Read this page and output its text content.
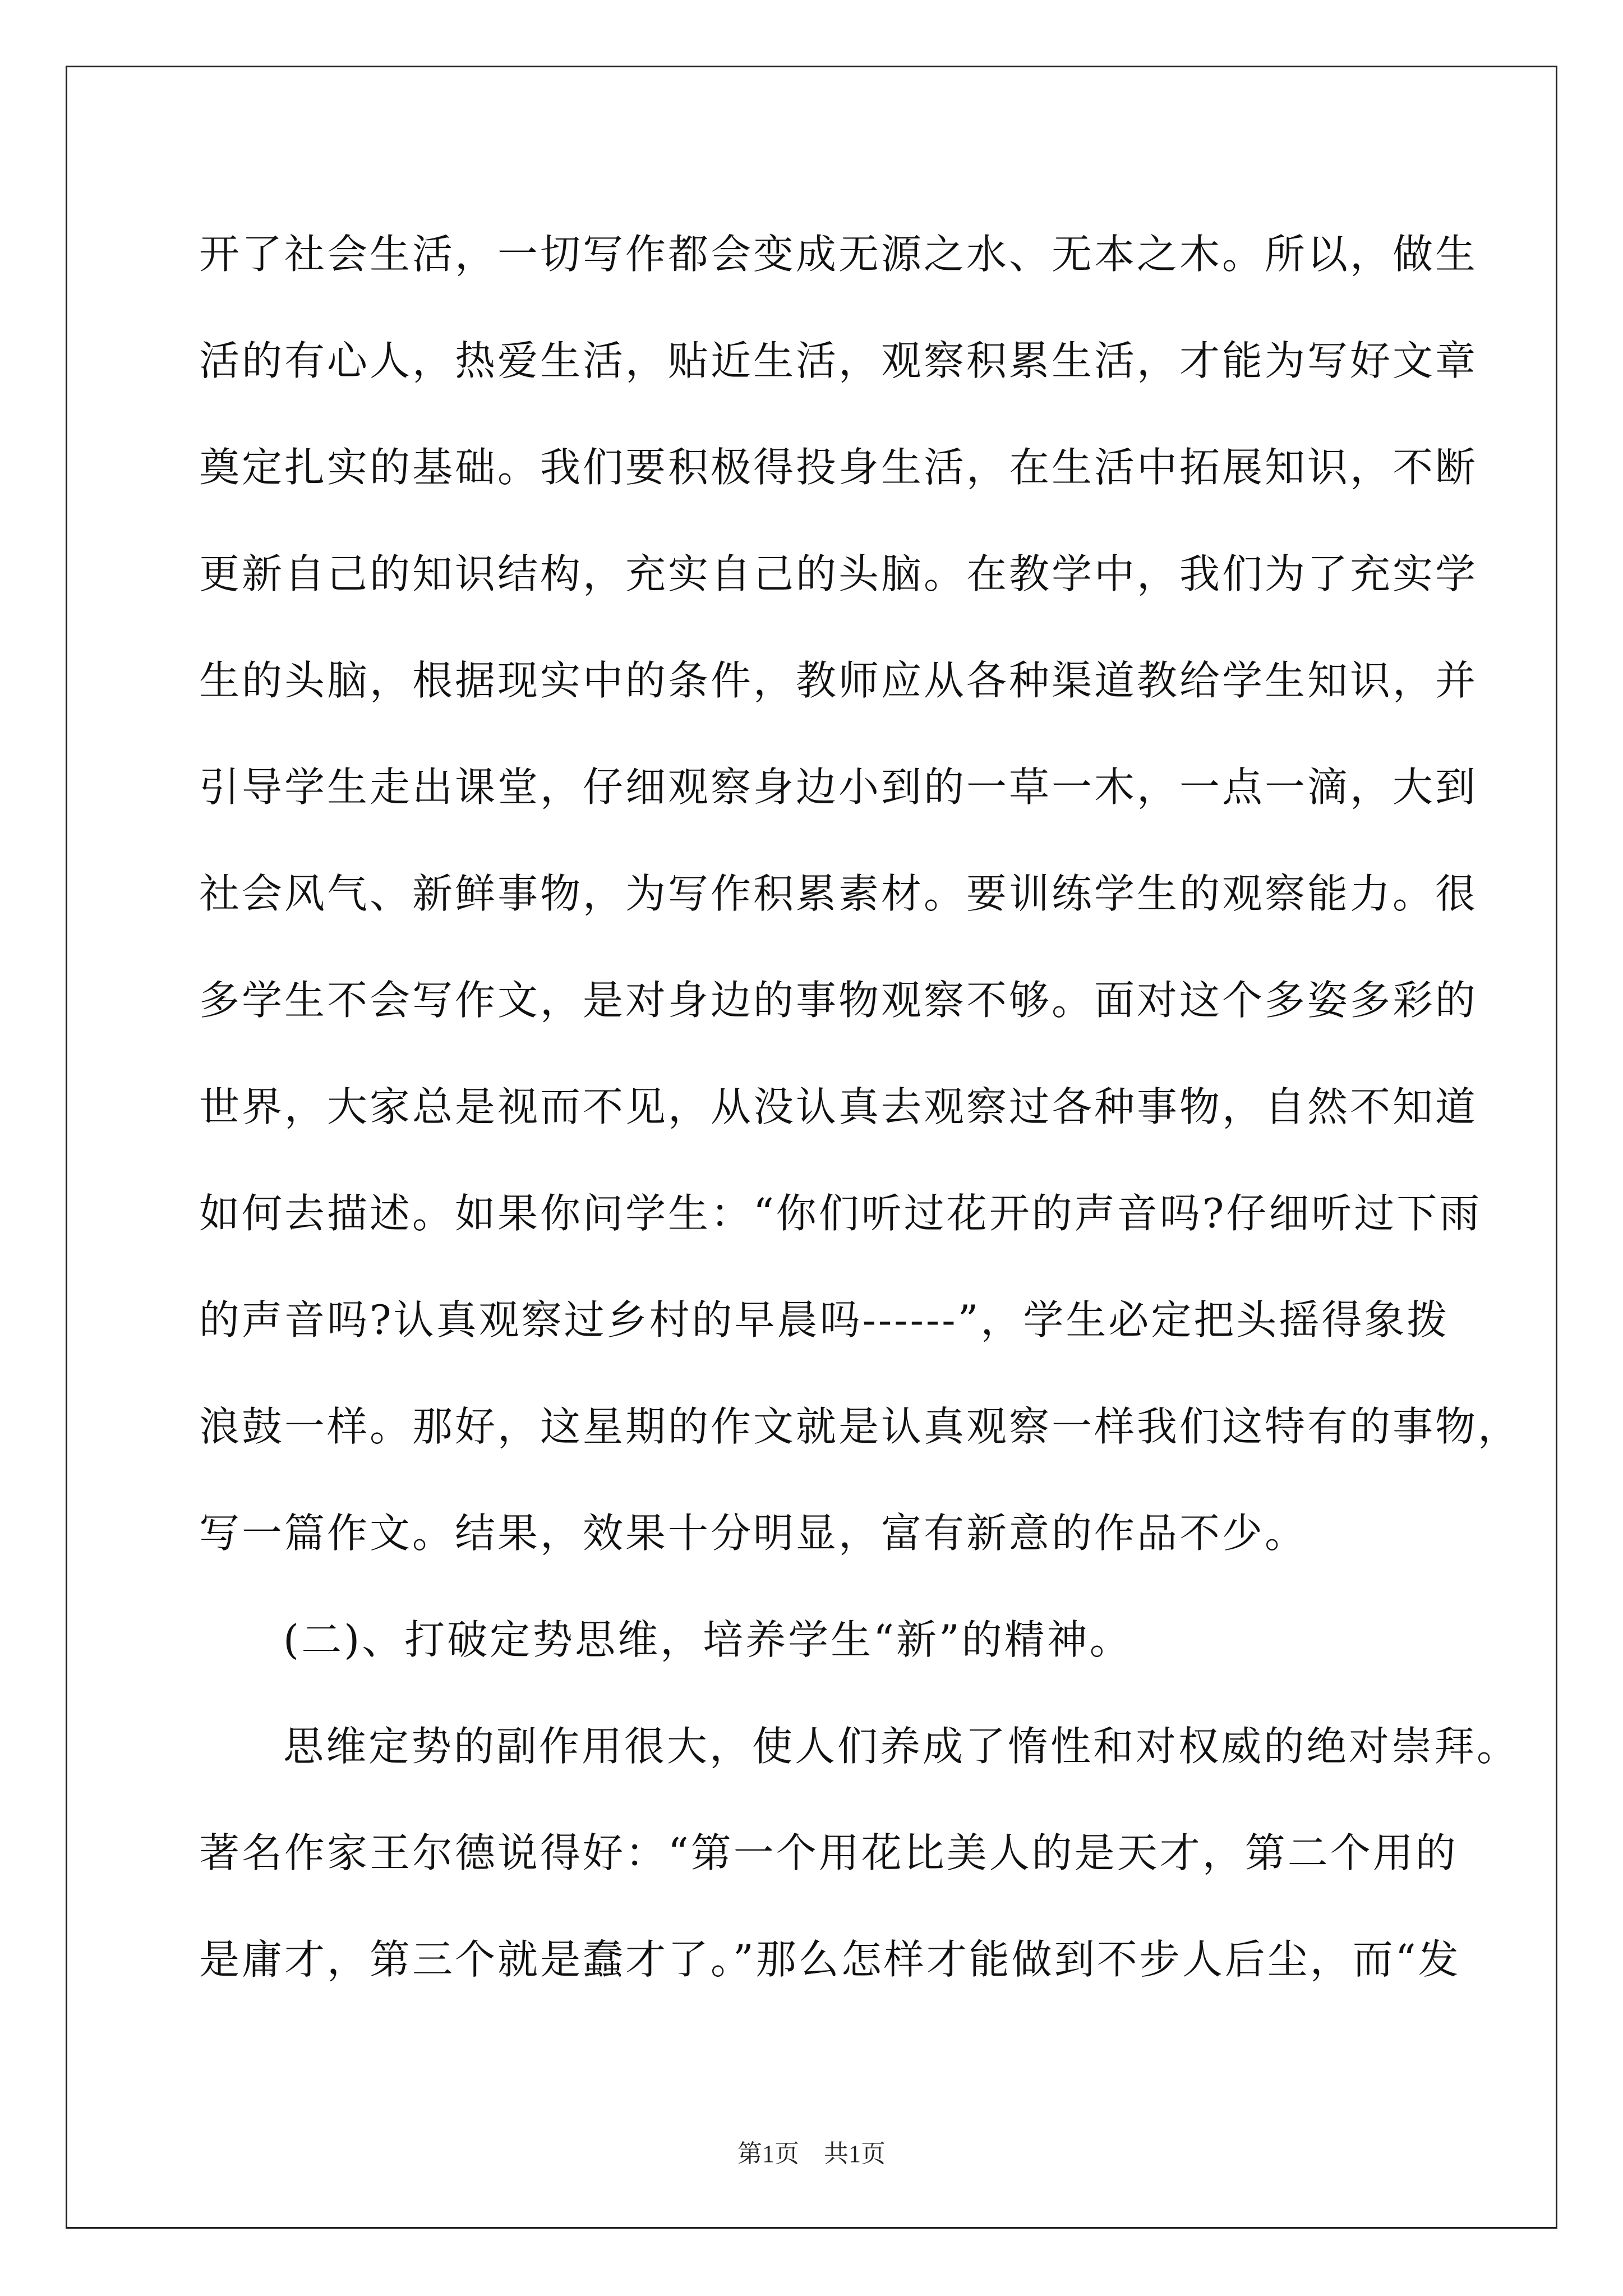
开了社会生活，一切写作都会变成无源之水、无本之木。所以，做生
活的有心人，热爱生活，贴近生活，观察积累生活，才能为写好文章
奠定扎实的基础。我们要积极得投身生活，在生活中拓展知识，不断
更新自己的知识结构，充实自己的头脑。在教学中，我们为了充实学
生的头脑，根据现实中的条件，教师应从各种渠道教给学生知识，并
引导学生走出课堂，仔细观察身边小到的一草一木，一点一滴，大到
社会风气、新鲜事物，为写作积累素材。要训练学生的观察能力。很
多学生不会写作文，是对身边的事物观察不够。面对这个多姿多彩的
世界，大家总是视而不见，从没认真去观察过各种事物，自然不知道
如何去描述。如果你问学生：“你们听过花开的声音吗?仔细听过下雨
的声音吗?认真观察过乡村的早晨吗------”，学生必定把头摇得象拨
浪鼓一样。那好，这星期的作文就是认真观察一样我们这特有的事物，
写一篇作文。结果，效果十分明显，富有新意的作品不少。
(二)、打破定势思维，培养学生“新”的精神。
思维定势的副作用很大，使人们养成了惰性和对权威的绝对崇拜。
著名作家王尔德说得好：“第一个用花比美人的是天才，第二个用的
是庸才，第三个就是蠢才了。”那么怎样才能做到不步人后尘，而“发
第1页　共1页
